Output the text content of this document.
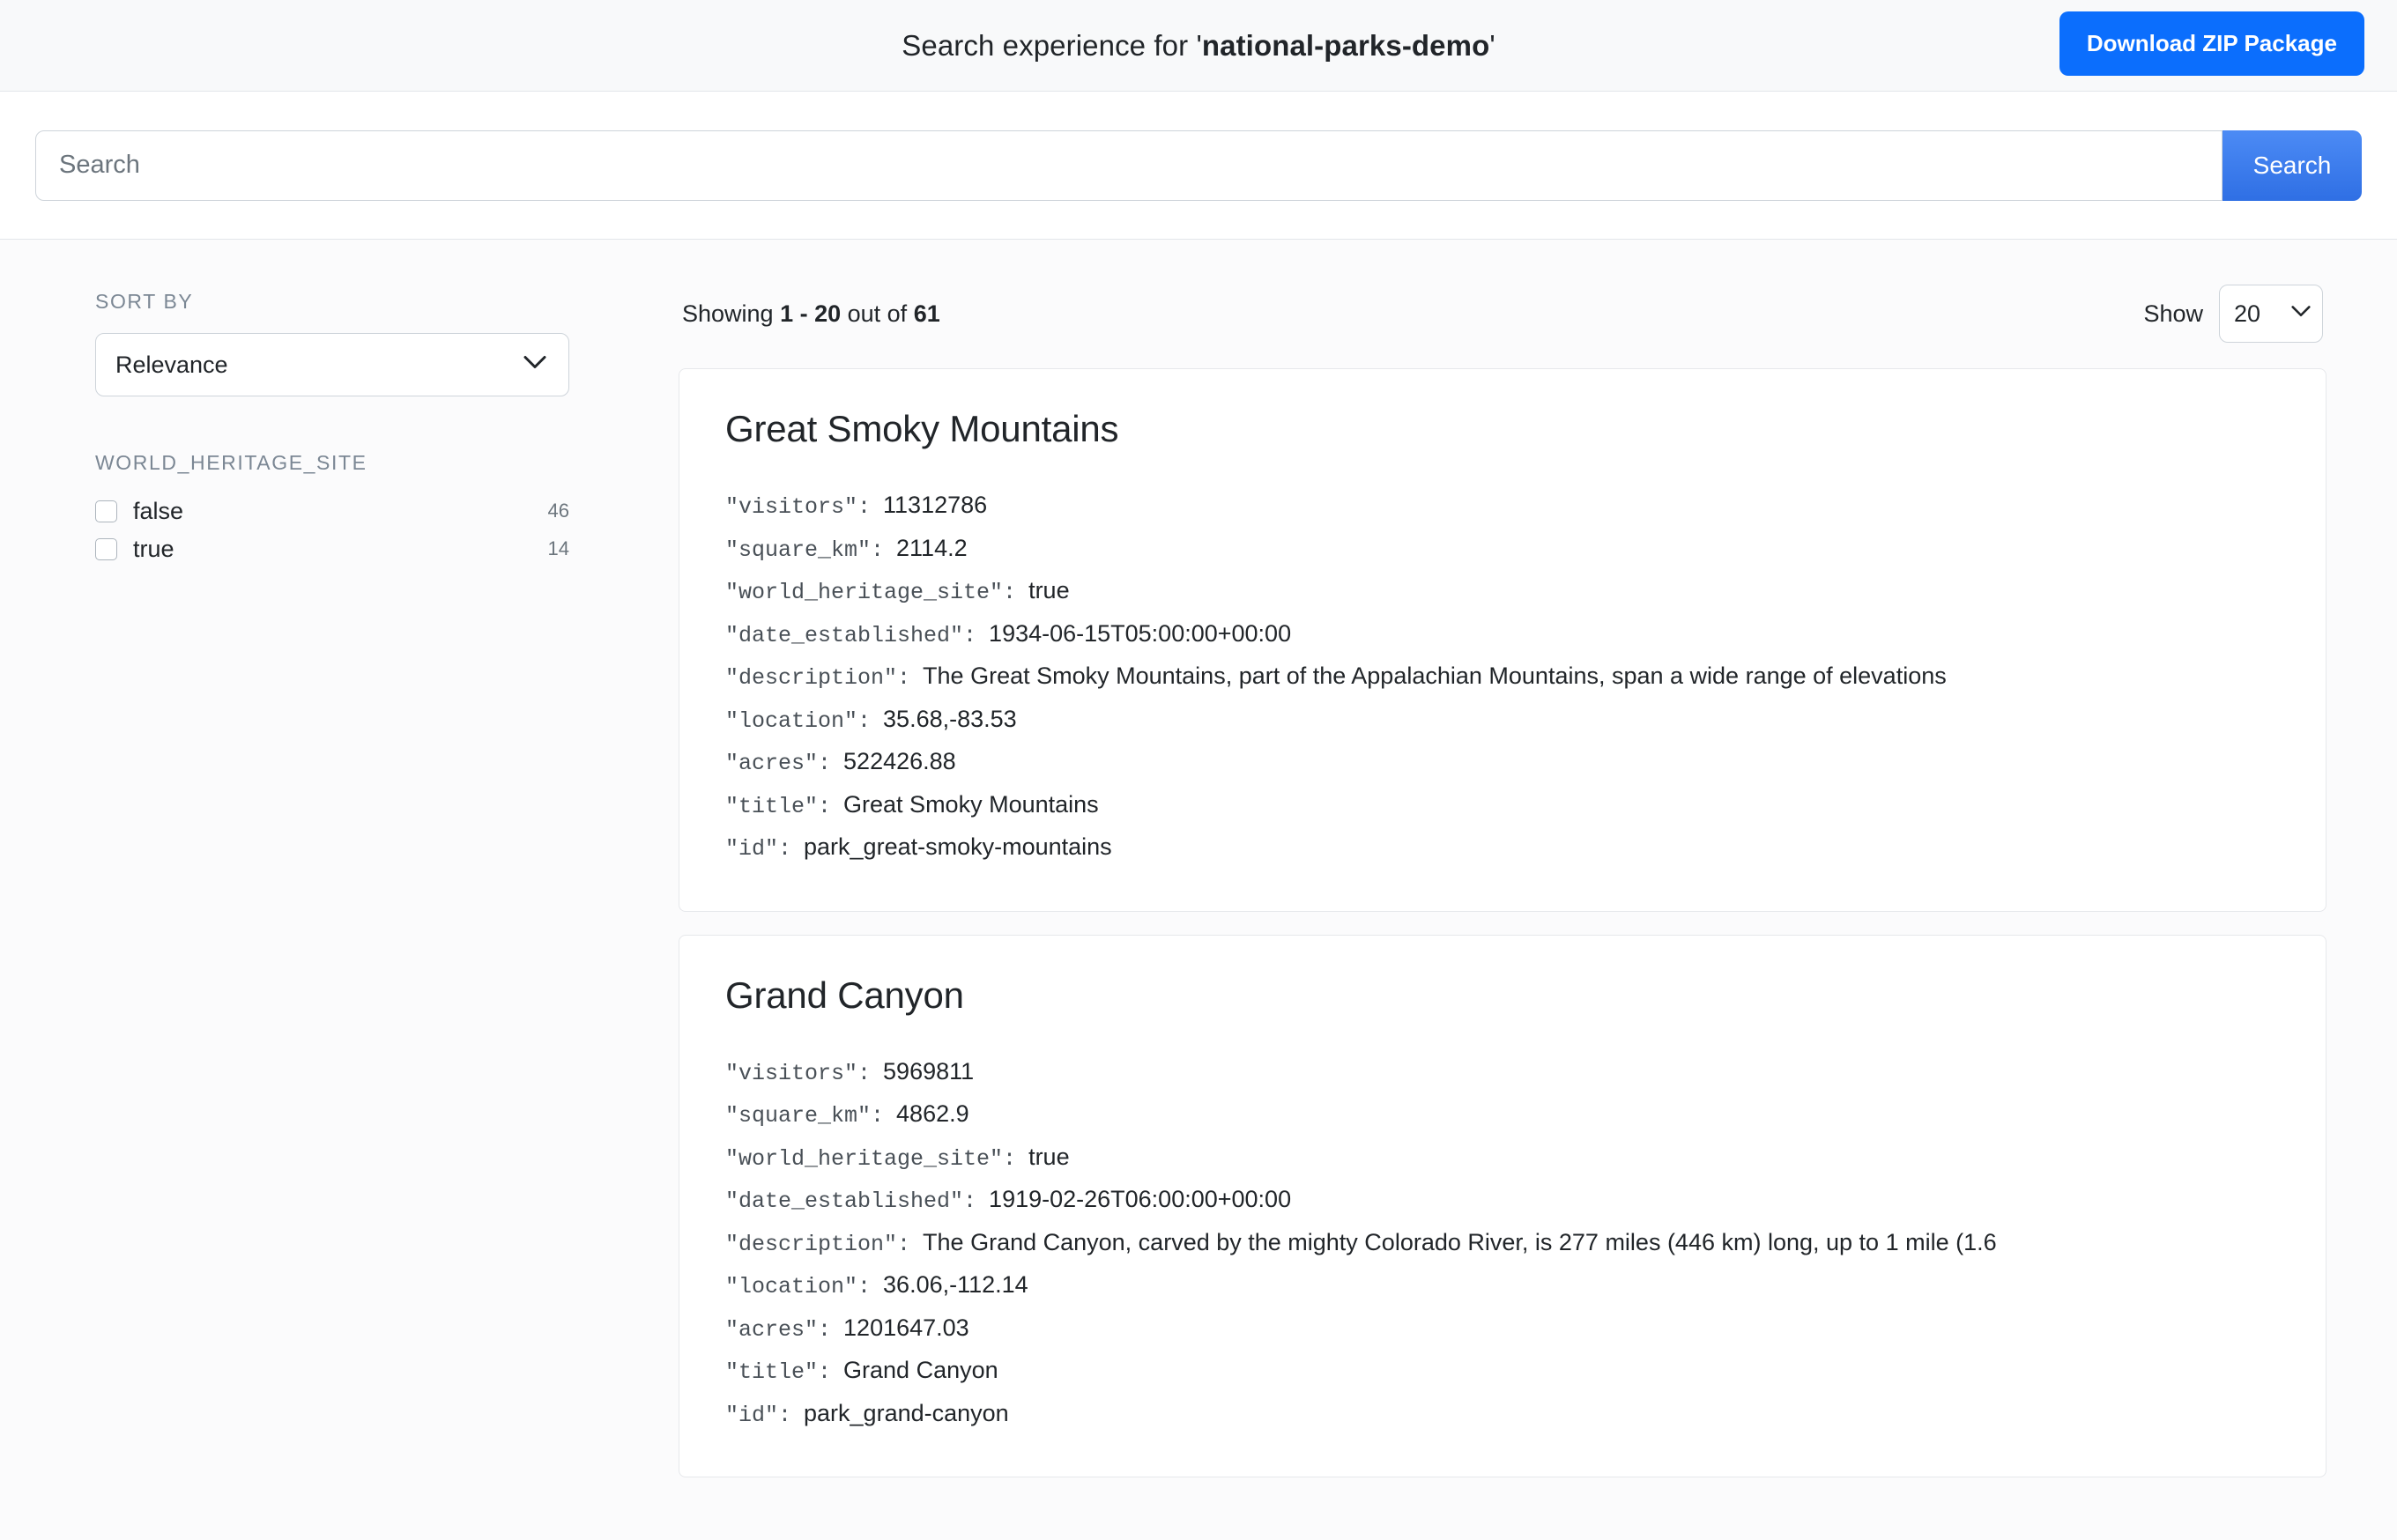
Search experience for 'national-parks-demo'	Download ZIP Package
Search
Search
SORT BY
Relevance
WORLD_HERITAGE_SITE
false	46
true	14
Showing 1 - 20 out of 61	Show
20
Great Smoky Mountains
"visitors": 11312786
"square_km": 2114.2
"world_heritage_site": true
"date_established": 1934-06-15T05:00:00+00:00
"description": The Great Smoky Mountains, part of the Appalachian Mountains, span a wide range of elevations
"location": 35.68,-83.53
"acres": 522426.88
"title": Great Smoky Mountains
"id": park_great-smoky-mountains
Grand Canyon
"visitors": 5969811
"square_km": 4862.9
"world_heritage_site": true
"date_established": 1919-02-26T06:00:00+00:00
"description": The Grand Canyon, carved by the mighty Colorado River, is 277 miles (446 km) long, up to 1 mile (1.6
"location": 36.06,-112.14
"acres": 1201647.03
"title": Grand Canyon
"id": park_grand-canyon
